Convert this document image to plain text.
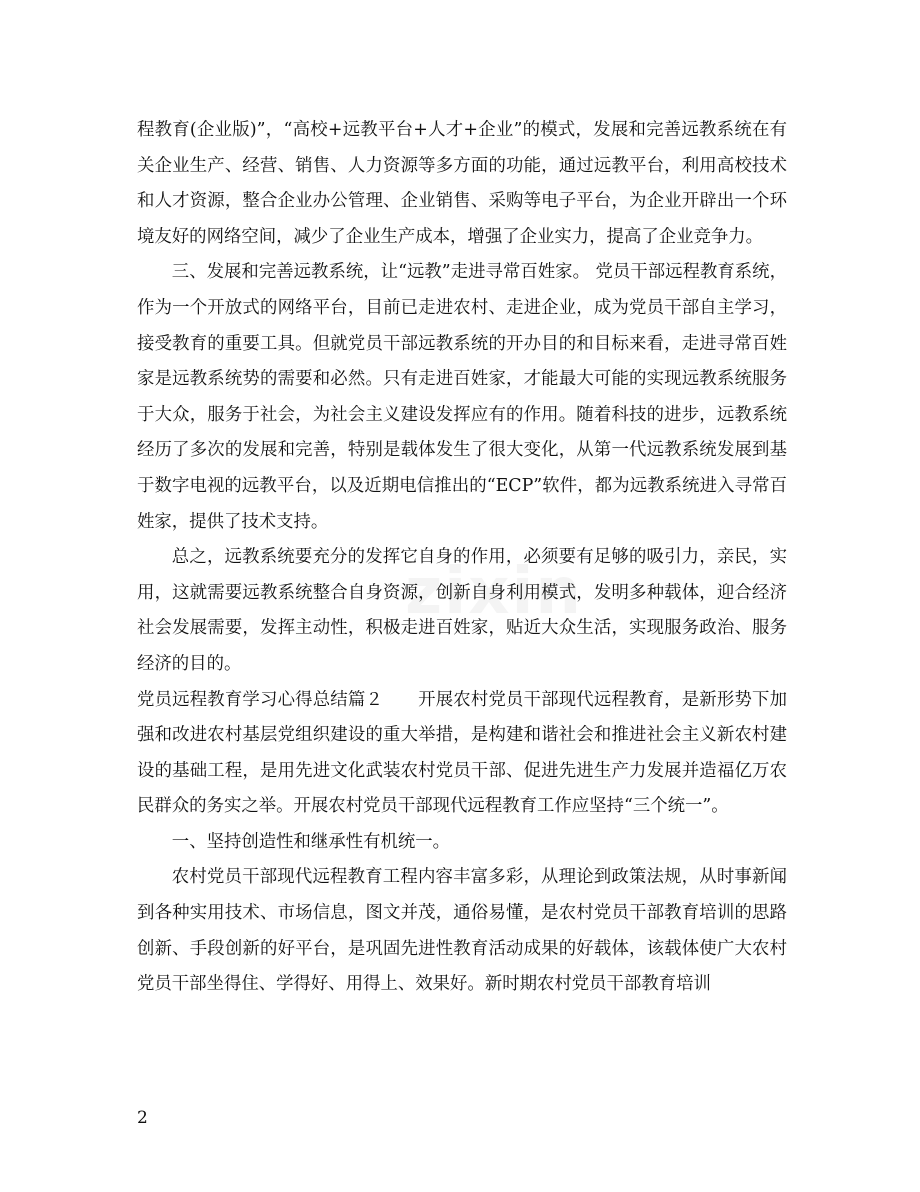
zixin

程教育(企业版)”，“高校+远教平台+人才+企业”的模式，发展和完善远教系统在有关企业生产、经营、销售、人力资源等多方面的功能，通过远教平台，利用高校技术和人才资源，整合企业办公管理、企业销售、采购等电子平台，为企业开辟出一个环境友好的网络空间，减少了企业生产成本，增强了企业实力，提高了企业竞争力。

三、发展和完善远教系统，让“远教”走进寻常百姓家。 党员干部远程教育系统，作为一个开放式的网络平台，目前已走进农村、走进企业，成为党员干部自主学习，接受教育的重要工具。但就党员干部远教系统的开办目的和目标来看，走进寻常百姓家是远教系统势的需要和必然。只有走进百姓家，才能最大可能的实现远教系统服务于大众，服务于社会，为社会主义建设发挥应有的作用。随着科技的进步，远教系统经历了多次的发展和完善，特别是载体发生了很大变化，从第一代远教系统发展到基于数字电视的远教平台，以及近期电信推出的“ECP”软件，都为远教系统进入寻常百姓家，提供了技术支持。

总之，远教系统要充分的发挥它自身的作用，必须要有足够的吸引力，亲民，实用，这就需要远教系统整合自身资源，创新自身利用模式，发明多种载体，迎合经济社会发展需要，发挥主动性，积极走进百姓家，贴近大众生活，实现服务政治、服务经济的目的。

党员远程教育学习心得总结篇２　　开展农村党员干部现代远程教育，是新形势下加强和改进农村基层党组织建设的重大举措，是构建和谐社会和推进社会主义新农村建设的基础工程，是用先进文化武装农村党员干部、促进先进生产力发展并造福亿万农民群众的务实之举。开展农村党员干部现代远程教育工作应坚持“三个统一”。

一、坚持创造性和继承性有机统一。

农村党员干部现代远程教育工程内容丰富多彩，从理论到政策法规，从时事新闻到各种实用技术、市场信息，图文并茂，通俗易懂，是农村党员干部教育培训的思路创新、手段创新的好平台，是巩固先进性教育活动成果的好载体，该载体使广大农村党员干部坐得住、学得好、用得上、效果好。新时期农村党员干部教育培训

2
